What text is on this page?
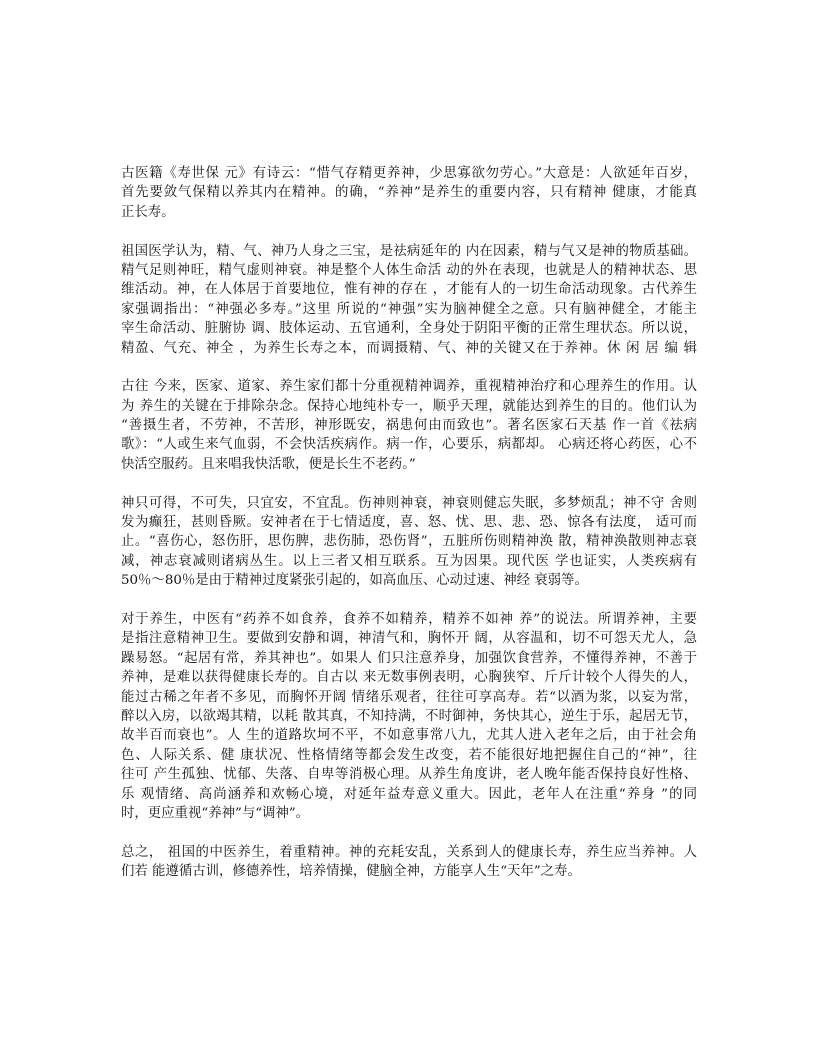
古医籍《寿世保 元》有诗云：“惜气存精更养神，少思寡欲勿劳心。”大意是：人欲延年百岁，
首先要敛气保精以养其内在精神。的确，“养神”是养生的重要内容，只有精神 健康，才能真
正长寿。
祖国医学认为，精、气、神乃人身之三宝，是祛病延年的 内在因素，精与气又是神的物质基础。
精气足则神旺，精气虚则神衰。神是整个人体生命活 动的外在表现，也就是人的精神状态、思
维活动。神，在人体居于首要地位，惟有神的存在 ，才能有人的一切生命活动现象。古代养生
家强调指出：“神强必多寿。”这里 所说的“神强”实为脑神健全之意。只有脑神健全，才能主
宰生命活动、脏腑协 调、肢体运动、五官通利，全身处于阴阳平衡的正常生理状态。所以说，
精盈、气充、神全 ，为养生长寿之本，而调摄精、气、神的关键又在于养神。休 闲 居 编 辑
古往 今来，医家、道家、养生家们都十分重视精神调养，重视精神治疗和心理养生的作用。认
为 养生的关键在于排除杂念。保持心地纯朴专一，顺乎天理，就能达到养生的目的。他们认为
“善摄生者，不劳神，不苦形，神形既安，祸患何由而致也”。著名医家石天基 作一首《祛病
歌》：“人或生来气血弱，不会快活疾病作。病一作，心要乐，病都却。 心病还将心药医，心不
快活空服药。且来唱我快活歌，便是长生不老药。”
神只可得，不可失，只宜安，不宜乱。伤神则神衰，神衰则健忘失眠，多梦烦乱；神不守 舍则
发为癫狂，甚则昏厥。安神者在于七情适度，喜、怒、忧、思、悲、恐、惊各有法度， 适可而
止。“喜伤心，怒伤肝，思伤脾，悲伤肺，恐伤肾”，五脏所伤则精神涣 散，精神涣散则神志衰
减，神志衰减则诸病丛生。以上三者又相互联系。互为因果。现代医 学也证实，人类疾病有
50％～80％是由于精神过度紧张引起的，如高血压、心动过速、神经 衰弱等。
对于养生，中医有“药养不如食养，食养不如精养，精养不如神 养”的说法。所谓养神，主要
是指注意精神卫生。要做到安静和调，神清气和，胸怀开 阔，从容温和，切不可怨天尤人，急
躁易怒。“起居有常，养其神也”。如果人 们只注意养身，加强饮食营养，不懂得养神，不善于
养神，是难以获得健康长寿的。自古以 来无数事例表明，心胸狭窄、斤斤计较个人得失的人，
能过古稀之年者不多见，而胸怀开阔 情绪乐观者，往往可享高寿。若“以酒为浆，以妄为常，
醉以入房，以欲竭其精，以耗 散其真，不知持满，不时御神，务快其心，逆生于乐，起居无节，
故半百而衰也”。人 生的道路坎坷不平，不如意事常八九，尤其人进入老年之后，由于社会角
色、人际关系、健 康状况、性格情绪等都会发生改变，若不能很好地把握住自己的“神”，往
往可 产生孤独、忧郁、失落、自卑等消极心理。从养生角度讲，老人晚年能否保持良好性格、
乐 观情绪、高尚涵养和欢畅心境，对延年益寿意义重大。因此，老年人在注重“养身 ”的同
时，更应重视“养神”与“调神”。
总之， 祖国的中医养生，着重精神。神的充耗安乱，关系到人的健康长寿，养生应当养神。人
们若 能遵循古训，修德养性，培养情操，健脑全神，方能享人生“天年”之寿。
